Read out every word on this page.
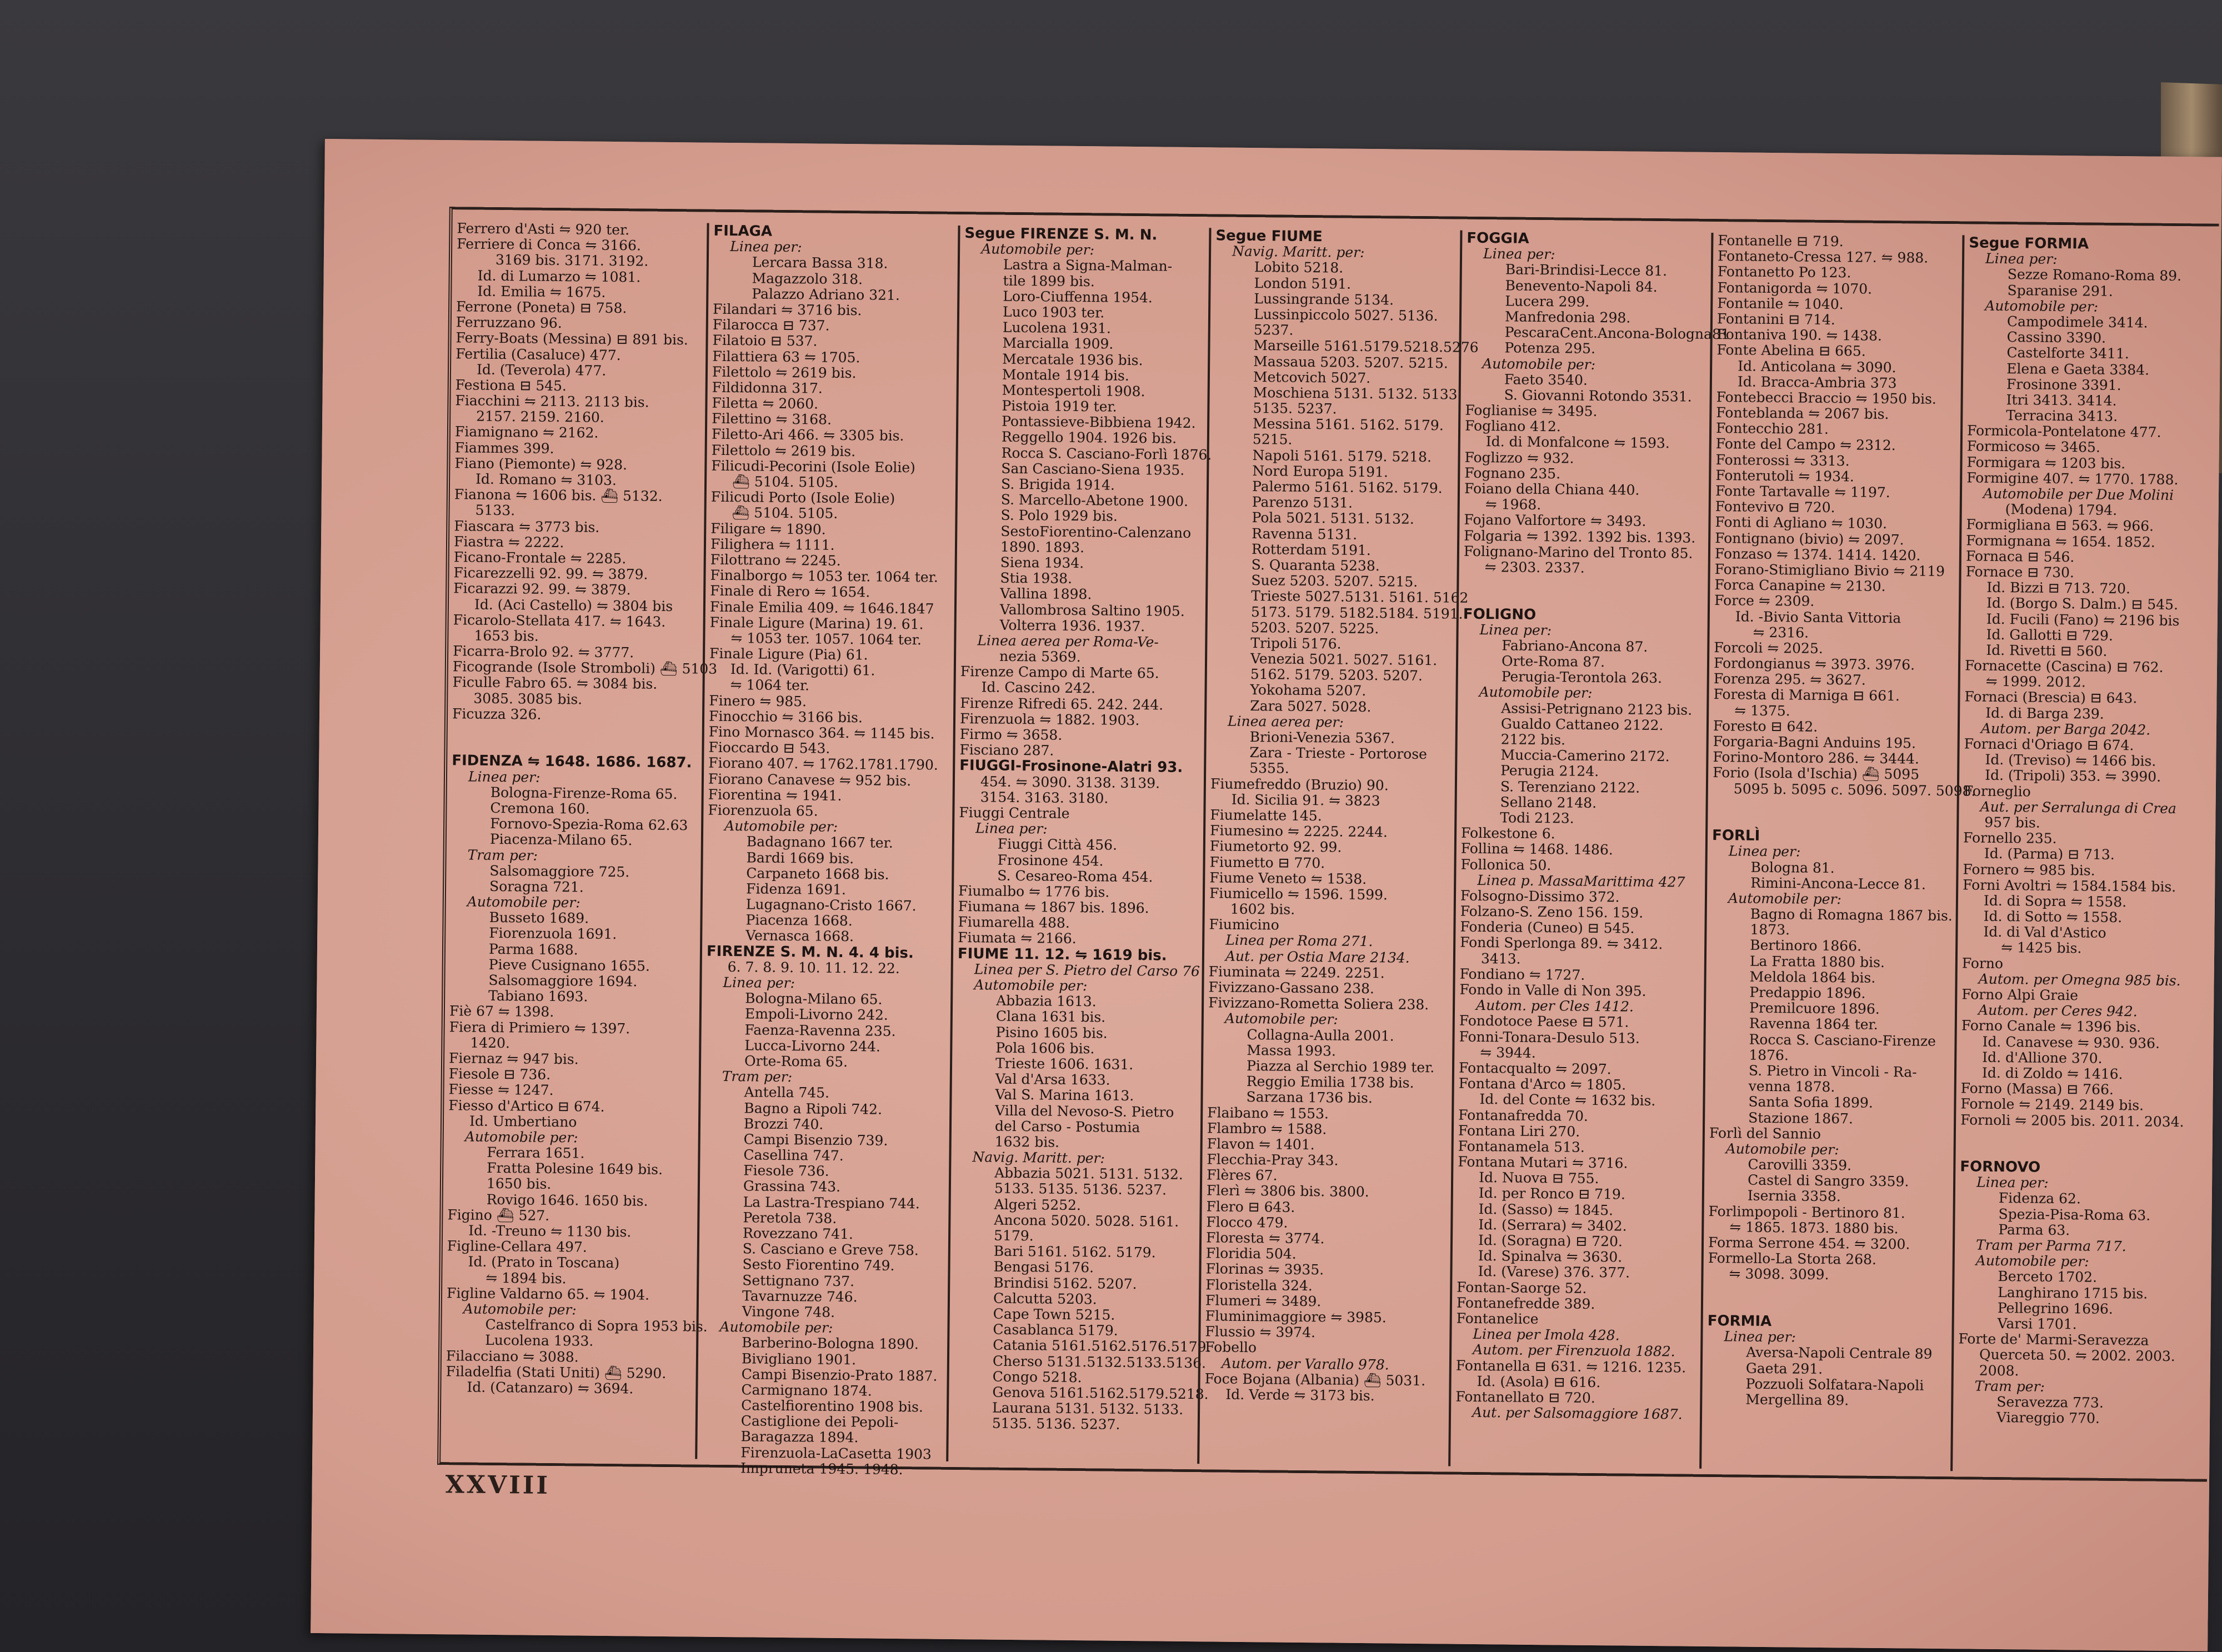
Ferrero d'Asti ⇋ 920 ter.
Ferriere di Conca ⇋ 3166.
3169 bis. 3171. 3192.
Id. di Lumarzo ⇋ 1081.
Id. Emilia ⇋ 1675.
Ferrone (Poneta) ⊟ 758.
Ferruzzano 96.
Ferry-Boats (Messina) ⊟ 891 bis.
Fertilia (Casaluce) 477.
Id. (Teverola) 477.
Festiona ⊟ 545.
Fiacchini ⇋ 2113. 2113 bis.
2157. 2159. 2160.
Fiamignano ⇋ 2162.
Fiammes 399.
Fiano (Piemonte) ⇋ 928.
Id. Romano ⇋ 3103.
Fianona ⇋ 1606 bis. ⛴ 5132.
5133.
Fiascara ⇋ 3773 bis.
Fiastra ⇋ 2222.
Ficano-Frontale ⇋ 2285.
Ficarezzelli 92. 99. ⇋ 3879.
Ficarazzi 92. 99. ⇋ 3879.
Id. (Aci Castello) ⇋ 3804 bis
Ficarolo-Stellata 417. ⇋ 1643.
1653 bis.
Ficarra-Brolo 92. ⇋ 3777.
Ficogrande (Isole Stromboli) ⛴ 5103
Ficulle Fabro 65. ⇋ 3084 bis.
3085. 3085 bis.
Ficuzza 326.
FIDENZA ⇋ 1648. 1686. 1687.
Linea per:
Bologna-Firenze-Roma 65.
Cremona 160.
Fornovo-Spezia-Roma 62.63
Piacenza-Milano 65.
Tram per:
Salsomaggiore 725.
Soragna 721.
Automobile per:
Busseto 1689.
Fiorenzuola 1691.
Parma 1688.
Pieve Cusignano 1655.
Salsomaggiore 1694.
Tabiano 1693.
Fiè 67 ⇋ 1398.
Fiera di Primiero ⇋ 1397.
1420.
Fiernaz ⇋ 947 bis.
Fiesole ⊟ 736.
Fiesse ⇋ 1247.
Fiesso d'Artico ⊟ 674.
Id. Umbertiano
Automobile per:
Ferrara 1651.
Fratta Polesine 1649 bis.
1650 bis.
Rovigo 1646. 1650 bis.
Figino ⛴ 527.
Id. -Treuno ⇋ 1130 bis.
Figline-Cellara 497.
Id. (Prato in Toscana)
⇋ 1894 bis.
Figline Valdarno 65. ⇋ 1904.
Automobile per:
Castelfranco di Sopra 1953 bis.
Lucolena 1933.
Filacciano ⇋ 3088.
Filadelfia (Stati Uniti) ⛴ 5290.
Id. (Catanzaro) ⇋ 3694.
FILAGA
Linea per:
Lercara Bassa 318.
Magazzolo 318.
Palazzo Adriano 321.
Filandari ⇋ 3716 bis.
Filarocca ⊟ 737.
Filatoio ⊟ 537.
Filattiera 63 ⇋ 1705.
Filettolo ⇋ 2619 bis.
Fildidonna 317.
Filetta ⇋ 2060.
Filettino ⇋ 3168.
Filetto-Ari 466. ⇋ 3305 bis.
Filettolo ⇋ 2619 bis.
Filicudi-Pecorini (Isole Eolie)
⛴ 5104. 5105.
Filicudi Porto (Isole Eolie)
⛴ 5104. 5105.
Filigare ⇋ 1890.
Filighera ⇋ 1111.
Filottrano ⇋ 2245.
Finalborgo ⇋ 1053 ter. 1064 ter.
Finale di Rero ⇋ 1654.
Finale Emilia 409. ⇋ 1646.1847
Finale Ligure (Marina) 19. 61.
⇋ 1053 ter. 1057. 1064 ter.
Finale Ligure (Pia) 61.
Id. Id. (Varigotti) 61.
⇋ 1064 ter.
Finero ⇋ 985.
Finocchio ⇋ 3166 bis.
Fino Mornasco 364. ⇋ 1145 bis.
Fioccardo ⊟ 543.
Fiorano 407. ⇋ 1762.1781.1790.
Fiorano Canavese ⇋ 952 bis.
Fiorentina ⇋ 1941.
Fiorenzuola 65.
Automobile per:
Badagnano 1667 ter.
Bardi 1669 bis.
Carpaneto 1668 bis.
Fidenza 1691.
Lugagnano-Cristo 1667.
Piacenza 1668.
Vernasca 1668.
FIRENZE S. M. N. 4. 4 bis.
6. 7. 8. 9. 10. 11. 12. 22.
Linea per:
Bologna-Milano 65.
Empoli-Livorno 242.
Faenza-Ravenna 235.
Lucca-Livorno 244.
Orte-Roma 65.
Tram per:
Antella 745.
Bagno a Ripoli 742.
Brozzi 740.
Campi Bisenzio 739.
Casellina 747.
Fiesole 736.
Grassina 743.
La Lastra-Trespiano 744.
Peretola 738.
Rovezzano 741.
S. Casciano e Greve 758.
Sesto Fiorentino 749.
Settignano 737.
Tavarnuzze 746.
Vingone 748.
Automobile per:
Barberino-Bologna 1890.
Bivigliano 1901.
Campi Bisenzio-Prato 1887.
Carmignano 1874.
Castelfiorentino 1908 bis.
Castiglione dei Pepoli-
Baragazza 1894.
Firenzuola-LaCasetta 1903
Impruneta 1945. 1948.
Segue FIRENZE S. M. N.
Automobile per:
Lastra a Signa-Malman-
tile 1899 bis.
Loro-Ciuffenna 1954.
Luco 1903 ter.
Lucolena 1931.
Marcialla 1909.
Mercatale 1936 bis.
Montale 1914 bis.
Montespertoli 1908.
Pistoia 1919 ter.
Pontassieve-Bibbiena 1942.
Reggello 1904. 1926 bis.
Rocca S. Casciano-Forlì 1876.
San Casciano-Siena 1935.
S. Brigida 1914.
S. Marcello-Abetone 1900.
S. Polo 1929 bis.
SestoFiorentino-Calenzano
1890. 1893.
Siena 1934.
Stia 1938.
Vallina 1898.
Vallombrosa Saltino 1905.
Volterra 1936. 1937.
Linea aerea per Roma-Ve-
nezia 5369.
Firenze Campo di Marte 65.
Id. Cascino 242.
Firenze Rifredi 65. 242. 244.
Firenzuola ⇋ 1882. 1903.
Firmo ⇋ 3658.
Fisciano 287.
FIUGGI-Frosinone-Alatri 93.
454. ⇋ 3090. 3138. 3139.
3154. 3163. 3180.
Fiuggi Centrale
Linea per:
Fiuggi Città 456.
Frosinone 454.
S. Cesareo-Roma 454.
Fiumalbo ⇋ 1776 bis.
Fiumana ⇋ 1867 bis. 1896.
Fiumarella 488.
Fiumata ⇋ 2166.
FIUME 11. 12. ⇋ 1619 bis.
Linea per S. Pietro del Carso 76
Automobile per:
Abbazia 1613.
Clana 1631 bis.
Pisino 1605 bis.
Pola 1606 bis.
Trieste 1606. 1631.
Val d'Arsa 1633.
Val S. Marina 1613.
Villa del Nevoso-S. Pietro
del Carso - Postumia
1632 bis.
Navig. Maritt. per:
Abbazia 5021. 5131. 5132.
5133. 5135. 5136. 5237.
Algeri 5252.
Ancona 5020. 5028. 5161.
5179.
Bari 5161. 5162. 5179.
Bengasi 5176.
Brindisi 5162. 5207.
Calcutta 5203.
Cape Town 5215.
Casablanca 5179.
Catania 5161.5162.5176.5179.
Cherso 5131.5132.5133.5136.
Congo 5218.
Genova 5161.5162.5179.5218.
Laurana 5131. 5132. 5133.
5135. 5136. 5237.
Segue FIUME
Navig. Maritt. per:
Lobito 5218.
London 5191.
Lussingrande 5134.
Lussinpiccolo 5027. 5136.
5237.
Marseille 5161.5179.5218.5276
Massaua 5203. 5207. 5215.
Metcovich 5027.
Moschiena 5131. 5132. 5133.
5135. 5237.
Messina 5161. 5162. 5179.
5215.
Napoli 5161. 5179. 5218.
Nord Europa 5191.
Palermo 5161. 5162. 5179.
Parenzo 5131.
Pola 5021. 5131. 5132.
Ravenna 5131.
Rotterdam 5191.
S. Quaranta 5238.
Suez 5203. 5207. 5215.
Trieste 5027.5131. 5161. 5162
5173. 5179. 5182.5184. 5191.
5203. 5207. 5225.
Tripoli 5176.
Venezia 5021. 5027. 5161.
5162. 5179. 5203. 5207.
Yokohama 5207.
Zara 5027. 5028.
Linea aerea per:
Brioni-Venezia 5367.
Zara - Trieste - Portorose
5355.
Fiumefreddo (Bruzio) 90.
Id. Sicilia 91. ⇋ 3823
Fiumelatte 145.
Fiumesino ⇋ 2225. 2244.
Fiumetorto 92. 99.
Fiumetto ⊟ 770.
Fiume Veneto ⇋ 1538.
Fiumicello ⇋ 1596. 1599.
1602 bis.
Fiumicino
Linea per Roma 271.
Aut. per Ostia Mare 2134.
Fiuminata ⇋ 2249. 2251.
Fivizzano-Gassano 238.
Fivizzano-Rometta Soliera 238.
Automobile per:
Collagna-Aulla 2001.
Massa 1993.
Piazza al Serchio 1989 ter.
Reggio Emilia 1738 bis.
Sarzana 1736 bis.
Flaibano ⇋ 1553.
Flambro ⇋ 1588.
Flavon ⇋ 1401.
Flecchia-Pray 343.
Flères 67.
Flerì ⇋ 3806 bis. 3800.
Flero ⊟ 643.
Flocco 479.
Floresta ⇋ 3774.
Floridia 504.
Florinas ⇋ 3935.
Floristella 324.
Flumeri ⇋ 3489.
Fluminimaggiore ⇋ 3985.
Flussio ⇋ 3974.
Fobello
Autom. per Varallo 978.
Foce Bojana (Albania) ⛴ 5031.
Id. Verde ⇋ 3173 bis.
FOGGIA
Linea per:
Bari-Brindisi-Lecce 81.
Benevento-Napoli 84.
Lucera 299.
Manfredonia 298.
PescaraCent.Ancona-Bologna81
Potenza 295.
Automobile per:
Faeto 3540.
S. Giovanni Rotondo 3531.
Foglianise ⇋ 3495.
Fogliano 412.
Id. di Monfalcone ⇋ 1593.
Foglizzo ⇋ 932.
Fognano 235.
Foiano della Chiana 440.
⇋ 1968.
Fojano Valfortore ⇋ 3493.
Folgaria ⇋ 1392. 1392 bis. 1393.
Folignano-Marino del Tronto 85.
⇋ 2303. 2337.
FOLIGNO
Linea per:
Fabriano-Ancona 87.
Orte-Roma 87.
Perugia-Terontola 263.
Automobile per:
Assisi-Petrignano 2123 bis.
Gualdo Cattaneo 2122.
2122 bis.
Muccia-Camerino 2172.
Perugia 2124.
S. Terenziano 2122.
Sellano 2148.
Todi 2123.
Folkestone 6.
Follina ⇋ 1468. 1486.
Follonica 50.
Linea p. MassaMarittima 427
Folsogno-Dissimo 372.
Folzano-S. Zeno 156. 159.
Fonderia (Cuneo) ⊟ 545.
Fondi Sperlonga 89. ⇋ 3412.
3413.
Fondiano ⇋ 1727.
Fondo in Valle di Non 395.
Autom. per Cles 1412.
Fondotoce Paese ⊟ 571.
Fonni-Tonara-Desulo 513.
⇋ 3944.
Fontacqualto ⇋ 2097.
Fontana d'Arco ⇋ 1805.
Id. del Conte ⇋ 1632 bis.
Fontanafredda 70.
Fontana Liri 270.
Fontanamela 513.
Fontana Mutari ⇋ 3716.
Id. Nuova ⊟ 755.
Id. per Ronco ⊟ 719.
Id. (Sasso) ⇋ 1845.
Id. (Serrara) ⇋ 3402.
Id. (Soragna) ⊟ 720.
Id. Spinalva ⇋ 3630.
Id. (Varese) 376. 377.
Fontan-Saorge 52.
Fontanefredde 389.
Fontanelice
Linea per Imola 428.
Autom. per Firenzuola 1882.
Fontanella ⊟ 631. ⇋ 1216. 1235.
Id. (Asola) ⊟ 616.
Fontanellato ⊟ 720.
Aut. per Salsomaggiore 1687.
Fontanelle ⊟ 719.
Fontaneto-Cressa 127. ⇋ 988.
Fontanetto Po 123.
Fontanigorda ⇋ 1070.
Fontanile ⇋ 1040.
Fontanini ⊟ 714.
Fontaniva 190. ⇋ 1438.
Fonte Abelina ⊟ 665.
Id. Anticolana ⇋ 3090.
Id. Bracca-Ambria 373
Fontebecci Braccio ⇋ 1950 bis.
Fonteblanda ⇋ 2067 bis.
Fontecchio 281.
Fonte del Campo ⇋ 2312.
Fonterossi ⇋ 3313.
Fonterutoli ⇋ 1934.
Fonte Tartavalle ⇋ 1197.
Fontevivo ⊟ 720.
Fonti di Agliano ⇋ 1030.
Fontignano (bivio) ⇋ 2097.
Fonzaso ⇋ 1374. 1414. 1420.
Forano-Stimigliano Bivio ⇋ 2119
Forca Canapine ⇋ 2130.
Force ⇋ 2309.
Id. -Bivio Santa Vittoria
⇋ 2316.
Forcoli ⇋ 2025.
Fordongianus ⇋ 3973. 3976.
Forenza 295. ⇋ 3627.
Foresta di Marniga ⊟ 661.
⇋ 1375.
Foresto ⊟ 642.
Forgaria-Bagni Anduins 195.
Forino-Montoro 286. ⇋ 3444.
Forio (Isola d'Ischia) ⛴ 5095
5095 b. 5095 c. 5096. 5097. 5098.
FORLÌ
Linea per:
Bologna 81.
Rimini-Ancona-Lecce 81.
Automobile per:
Bagno di Romagna 1867 bis.
1873.
Bertinoro 1866.
La Fratta 1880 bis.
Meldola 1864 bis.
Predappio 1896.
Premilcuore 1896.
Ravenna 1864 ter.
Rocca S. Casciano-Firenze
1876.
S. Pietro in Vincoli - Ra-
venna 1878.
Santa Sofia 1899.
Stazione 1867.
Forlì del Sannio
Automobile per:
Carovilli 3359.
Castel di Sangro 3359.
Isernia 3358.
Forlimpopoli - Bertinoro 81.
⇋ 1865. 1873. 1880 bis.
Forma Serrone 454. ⇋ 3200.
Formello-La Storta 268.
⇋ 3098. 3099.
FORMIA
Linea per:
Aversa-Napoli Centrale 89
Gaeta 291.
Pozzuoli Solfatara-Napoli
Mergellina 89.
Segue FORMIA
Linea per:
Sezze Romano-Roma 89.
Sparanise 291.
Automobile per:
Campodimele 3414.
Cassino 3390.
Castelforte 3411.
Elena e Gaeta 3384.
Frosinone 3391.
Itri 3413. 3414.
Terracina 3413.
Formicola-Pontelatone 477.
Formicoso ⇋ 3465.
Formigara ⇋ 1203 bis.
Formigine 407. ⇋ 1770. 1788.
Automobile per Due Molini
(Modena) 1794.
Formigliana ⊟ 563. ⇋ 966.
Formignana ⇋ 1654. 1852.
Fornaca ⊟ 546.
Fornace ⊟ 730.
Id. Bizzi ⊟ 713. 720.
Id. (Borgo S. Dalm.) ⊟ 545.
Id. Fucili (Fano) ⇋ 2196 bis
Id. Gallotti ⊟ 729.
Id. Rivetti ⊟ 560.
Fornacette (Cascina) ⊟ 762.
⇋ 1999. 2012.
Fornaci (Brescia) ⊟ 643.
Id. di Barga 239.
Autom. per Barga 2042.
Fornaci d'Oriago ⊟ 674.
Id. (Treviso) ⇋ 1466 bis.
Id. (Tripoli) 353. ⇋ 3990.
Forneglio
Aut. per Serralunga di Crea
957 bis.
Fornello 235.
Id. (Parma) ⊟ 713.
Fornero ⇋ 985 bis.
Forni Avoltri ⇋ 1584.1584 bis.
Id. di Sopra ⇋ 1558.
Id. di Sotto ⇋ 1558.
Id. di Val d'Astico
⇋ 1425 bis.
Forno
Autom. per Omegna 985 bis.
Forno Alpi Graie
Autom. per Ceres 942.
Forno Canale ⇋ 1396 bis.
Id. Canavese ⇋ 930. 936.
Id. d'Allione 370.
Id. di Zoldo ⇋ 1416.
Forno (Massa) ⊟ 766.
Fornole ⇋ 2149. 2149 bis.
Fornoli ⇋ 2005 bis. 2011. 2034.
FORNOVO
Linea per:
Fidenza 62.
Spezia-Pisa-Roma 63.
Parma 63.
Tram per Parma 717.
Automobile per:
Berceto 1702.
Langhirano 1715 bis.
Pellegrino 1696.
Varsi 1701.
Forte de' Marmi-Seravezza
Querceta 50. ⇋ 2002. 2003.
2008.
Tram per:
Seravezza 773.
Viareggio 770.
XXVIII
